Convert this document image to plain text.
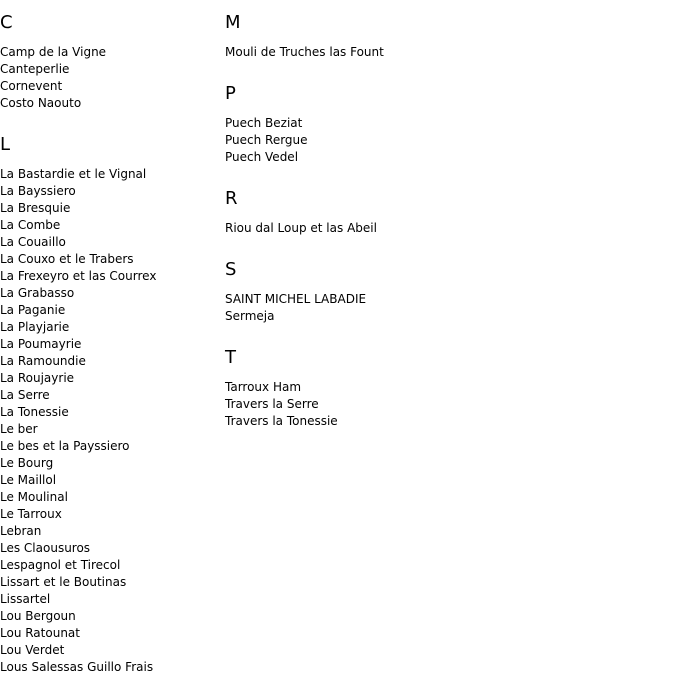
C
Camp de la Vigne
Canteperlie
Cornevent
Costo Naouto
L
La Bastardie et le Vignal
La Bayssiero
La Bresquie
La Combe
La Couaillo
La Couxo et le Trabers
La Frexeyro et las Courrex
La Grabasso
La Paganie
La Playjarie
La Poumayrie
La Ramoundie
La Roujayrie
La Serre
La Tonessie
Le ber
Le bes et la Payssiero
Le Bourg
Le Maillol
Le Moulinal
Le Tarroux
Lebran
Les Claousuros
Lespagnol et Tirecol
Lissart et le Boutinas
Lissartel
Lou Bergoun
Lou Ratounat
Lou Verdet
Lous Salessas Guillo Frais
M
Mouli de Truches las Fount
P
Puech Beziat
Puech Rergue
Puech Vedel
R
Riou dal Loup et las Abeil
S
SAINT MICHEL LABADIE
Sermeja
T
Tarroux Ham
Travers la Serre
Travers la Tonessie
